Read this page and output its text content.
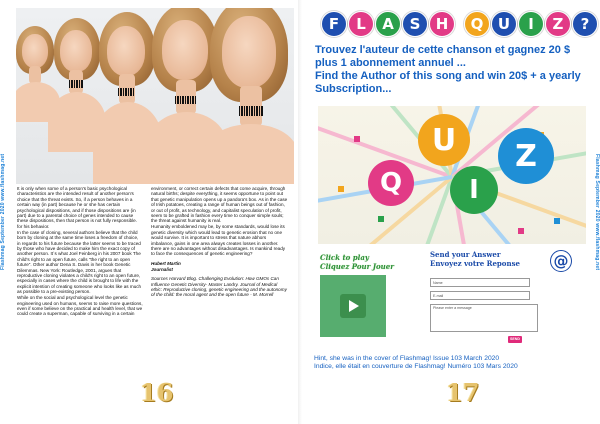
Flashmag September 2020 www.flashmag.net	It is only when some of a person's basic psychological characteristics are the intended result of another person's choice that the threat exists. So, if a person behaves in a certain way (in part) because he or she has certain psychological dispositions, and if those dispositions are (in part) due to a parental choice of genes intended to cause these dispositions, then that person is not fully responsible. for his behavior.

In the case of cloning, several authors believe that the child born by cloning at the same time loses a freedom of choice, in regards to his future because the latter seems to be traced by those who have decided to make him the exact copy of another person. It`s what Joel Feinberg in his 2007 book The child's right to an open future, calls "the right to an open future". Other author Dena S. Davis in her book Genetic Dilemmas. New York: Routledge, 2001, argues that reproductive cloning violates a child's right to an open future, especially in cases where the child is brought to life with the explicit intention of creating someone who looks like as much as possible to a pre-existing person.

While on the social and psychological level the genetic engineering used on humans, seems to raise more questions, even if some believe on the practical and health level, that we could create a superman, capable of surviving in a certain

environment, or correct certain defects that come acquire, through natural births; despite everything, it seems opportune to point out that genetic manipulation opens up a pandora's box. As in the case of Irish potatoes, creating a range of human beings out of fashion, or out of profit, as technology, and capitalist speculation of profit, seem to be grafted in fashion every time to conquer simple souls; the threat against humanity is real.

Humanity emboldened may be, by some standards, would lose its genetic diversity which would lead to genetic erosion that no one would survive. It is important to stress that nature abhors imbalance, gains in one area always creates losses in another. there are no advantages without disadvantages. Is mankind ready to face the consequences of genetic engineering?

Hubert Martin

Journalist

Sources Harvard Blog. Challenging Evolution: How GMOs Can Influence Genetic Diversity- Master Landry. Journal of Medical ethic: Reproductive cloning, genetic engineering and the autonomy of the child: the moral agent and the open future - M. Morrell

16
Flashmag September 2020 www.flashmag.net
F	L	A	S	H	Q U	I	Z	?
Trouvez l'auteur de cette chanson et gagnez 20 $ plus 1 abonnement annuel ...
Find the Author of this song and win 20$ + a yearly Subscription...
Q
U
I
Z
Click to play
Cliquez Pour Jouer
Send your Answer
Envoyez votre Reponse @
Name
E-mail
Please enter a message
SEND
Hint, she was in the cover of Flashmag! Issue 103 March 2020
Indice, elle était en couverture de Flashmag! Numéro 103 Mars 2020
17
